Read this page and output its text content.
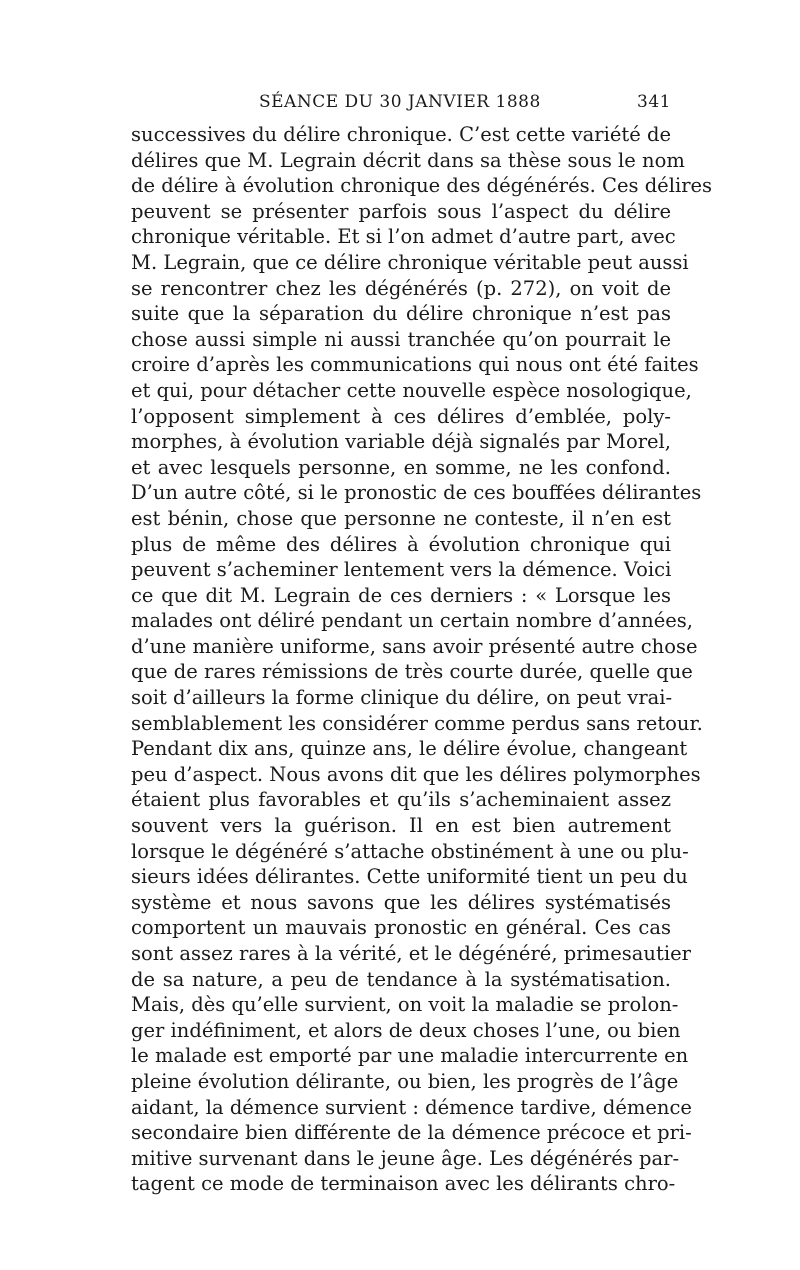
SÉANCE DU 30 JANVIER 1888	341
successives du délire chronique. C’est cette variété de
délires que M. Legrain décrit dans sa thèse sous le nom
de délire à évolution chronique des dégénérés. Ces délires
peuvent se présenter parfois sous l’aspect du délire
chronique véritable. Et si l’on admet d’autre part, avec
M. Legrain, que ce délire chronique véritable peut aussi
se rencontrer chez les dégénérés (p. 272), on voit de
suite que la séparation du délire chronique n’est pas
chose aussi simple ni aussi tranchée qu’on pourrait le
croire d’après les communications qui nous ont été faites
et qui, pour détacher cette nouvelle espèce nosologique,
l’opposent simplement à ces délires d’emblée, poly-
morphes, à évolution variable déjà signalés par Morel,
et avec lesquels personne, en somme, ne les confond.
D’un autre côté, si le pronostic de ces bouffées délirantes
est bénin, chose que personne ne conteste, il n’en est
plus de même des délires à évolution chronique qui
peuvent s’acheminer lentement vers la démence. Voici
ce que dit M. Legrain de ces derniers : « Lorsque les
malades ont déliré pendant un certain nombre d’années,
d’une manière uniforme, sans avoir présenté autre chose
que de rares rémissions de très courte durée, quelle que
soit d’ailleurs la forme clinique du délire, on peut vrai-
semblablement les considérer comme perdus sans retour.
Pendant dix ans, quinze ans, le délire évolue, changeant
peu d’aspect. Nous avons dit que les délires polymorphes
étaient plus favorables et qu’ils s’acheminaient assez
souvent vers la guérison. Il en est bien autrement
lorsque le dégénéré s’attache obstinément à une ou plu-
sieurs idées délirantes. Cette uniformité tient un peu du
système et nous savons que les délires systématisés
comportent un mauvais pronostic en général. Ces cas
sont assez rares à la vérité, et le dégénéré, primesautier
de sa nature, a peu de tendance à la systématisation.
Mais, dès qu’elle survient, on voit la maladie se prolon-
ger indéfiniment, et alors de deux choses l’une, ou bien
le malade est emporté par une maladie intercurrente en
pleine évolution délirante, ou bien, les progrès de l’âge
aidant, la démence survient : démence tardive, démence
secondaire bien différente de la démence précoce et pri-
mitive survenant dans le jeune âge. Les dégénérés par-
tagent ce mode de terminaison avec les délirants chro-
